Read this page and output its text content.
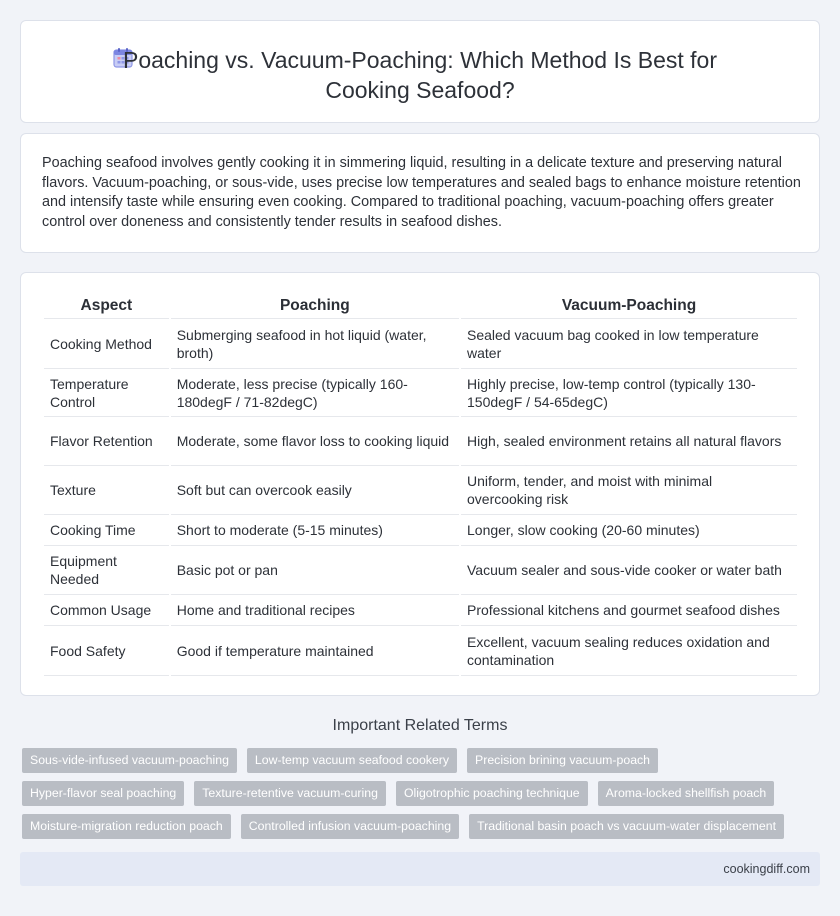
Poaching vs. Vacuum-Poaching: Which Method Is Best for Cooking Seafood?

Poaching seafood involves gently cooking it in simmering liquid, resulting in a delicate texture and preserving natural flavors. Vacuum-poaching, or sous-vide, uses precise low temperatures and sealed bags to enhance moisture retention and intensify taste while ensuring even cooking. Compared to traditional poaching, vacuum-poaching offers greater control over doneness and consistently tender results in seafood dishes.

Aspect	Poaching	Vacuum-Poaching
Cooking Method	Submerging seafood in hot liquid (water, broth)	Sealed vacuum bag cooked in low temperature water
Temperature Control	Moderate, less precise (typically 160-180degF / 71-82degC)	Highly precise, low-temp control (typically 130-150degF / 54-65degC)
Flavor Retention	Moderate, some flavor loss to cooking liquid	High, sealed environment retains all natural flavors
Texture	Soft but can overcook easily	Uniform, tender, and moist with minimal overcooking risk
Cooking Time	Short to moderate (5-15 minutes)	Longer, slow cooking (20-60 minutes)
Equipment Needed	Basic pot or pan	Vacuum sealer and sous-vide cooker or water bath
Common Usage	Home and traditional recipes	Professional kitchens and gourmet seafood dishes
Food Safety	Good if temperature maintained	Excellent, vacuum sealing reduces oxidation and contamination
Important Related Terms
Sous-vide-infused vacuum-poaching	Low-temp vacuum seafood cookery	Precision brining vacuum-poach
Hyper-flavor seal poaching	Texture-retentive vacuum-curing	Oligotrophic poaching technique	Aroma-locked shellfish poach
Moisture-migration reduction poach	Controlled infusion vacuum-poaching	Traditional basin poach vs vacuum-water displacement
cookingdiff.com
